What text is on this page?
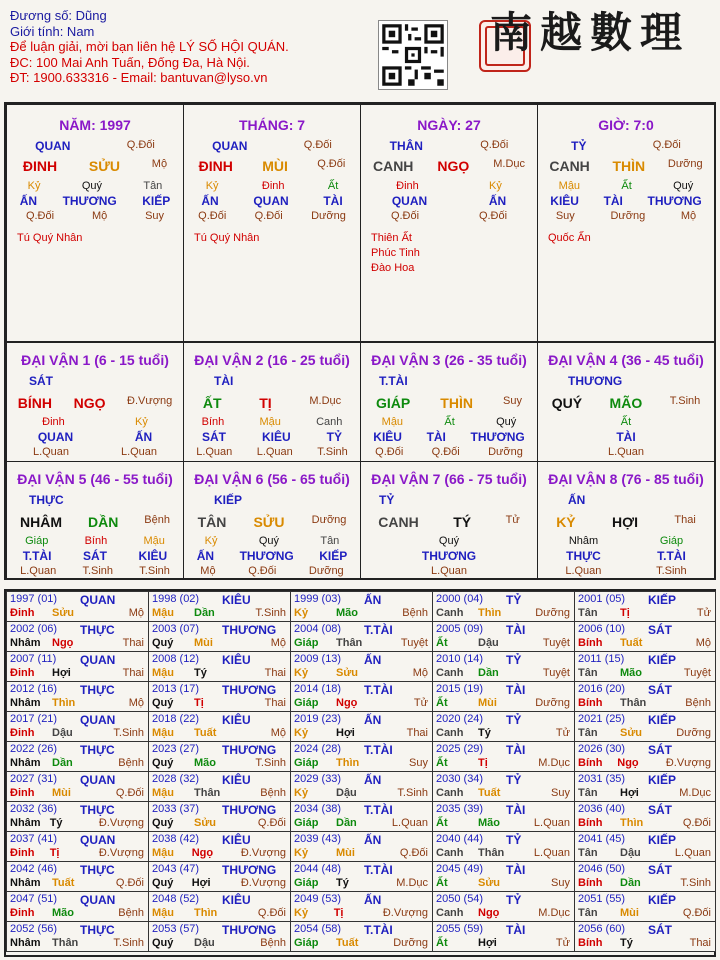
Đương số: Dũng
Giới tính: Nam
Để luận giải, mời bạn liên hệ LÝ SỐ HỘI QUÁN.
ĐC: 100 Mai Anh Tuấn, Đống Đa, Hà Nội.
ĐT: 1900.633316 - Email: bantuvan@lyso.vn
南越數理
NĂM: 1997
QUAN	Q.Đối
ĐINH SỬU	Mộ
Kỷ	Quý	Tân
ẤN THƯƠNG KIẾP
Q.Đối	Mộ	Suy
Tú Quý Nhân
THÁNG: 7
QUAN	Q.Đối
ĐINH MÙI	Q.Đối
Kỷ	Đinh	Ất
ẤN	QUAN	TÀI
Q.Đối	Q.Đối	Dưỡng
Tú Quý Nhân
NGÀY: 27
THÂN	Q.Đối
CANH NGỌ M.Dục
Đinh	Kỷ
QUAN	ẤN
Q.Đối	Q.Đối
Thiên Ất
Phúc Tinh
Đào Hoa
GIỜ: 7:0
TỶ	Q.Đối
CANH THÌN Dưỡng
Mậu	Ất	Quý
KIÊU TÀI THƯƠNG
Suy	Dưỡng	Mộ
Quốc Ấn
ĐẠI VẬN 1 (6 - 15 tuổi)
SÁT
BÍNH NGỌ Đ.Vượng
Đinh	Kỷ
QUAN	ẤN
L.Quan	L.Quan
ĐẠI VẬN 2 (16 - 25 tuổi)
TÀI
ẤT	TỊ	M.Dục
Bính	Mậu	Canh
SÁT	KIÊU	TỶ
L.Quan L.Quan T.Sinh
ĐẠI VẬN 3 (26 - 35 tuổi)
T.TÀI
GIÁP THÌN	Suy
Mậu	Ất	Quý
KIÊU TÀI THƯƠNG
Q.Đối	Q.Đối	Dưỡng
ĐẠI VẬN 4 (36 - 45 tuổi)
THƯƠNG
QUÝ MÃO T.Sinh
Ất
TÀI
L.Quan
ĐẠI VẬN 5 (46 - 55 tuổi)
THỰC
NHÂM DẦN Bệnh
Giáp	Bính	Mậu
T.TÀI	SÁT	KIÊU
L.Quan T.Sinh T.Sinh
ĐẠI VẬN 6 (56 - 65 tuổi)
KIẾP
TÂN SỬU Dưỡng
Kỷ	Quý	Tân
ẤN THƯƠNG KIẾP
Mộ	Q.Đối	Dưỡng
ĐẠI VẬN 7 (66 - 75 tuổi)
TỶ
CANH TÝ	Tử
Quý
THƯƠNG
L.Quan
ĐẠI VẬN 8 (76 - 85 tuổi)
ẤN
KỶ	HỢI	Thai
Nhâm	Giáp
THỰC	T.TÀI
L.Quan	T.Sinh
1997 (01) QUAN
Đinh	Sửu	Mộ
1998 (02) KIÊU
Mậu	Dần	T.Sinh
1999 (03) ẤN
Kỷ	Mão	Bệnh
2000 (04) TỶ
Canh	Thìn	Dưỡng
2001 (05) KIẾP
Tân	Tị	Tử
2002 (06) THỰC
Nhâm	Ngọ	Thai
2003 (07) THƯƠNG
Quý	Mùi	Mộ
2004 (08) T.TÀI
Giáp	Thân	Tuyệt
2005 (09) TÀI
Ất	Dậu	Tuyệt
2006 (10) SÁT
Bính	Tuất	Mộ
2007 (11) QUAN
Đinh	Hợi	Thai
2008 (12) KIÊU
Mậu	Tý	Thai
2009 (13) ẤN
Kỷ	Sửu	Mộ
2010 (14) TỶ
Canh	Dần	Tuyệt
2011 (15) KIẾP
Tân	Mão	Tuyệt
2012 (16) THỰC
Nhâm	Thìn	Mộ
2013 (17) THƯƠNG
Quý	Tị	Thai
2014 (18) T.TÀI
Giáp	Ngọ	Tử
2015 (19) TÀI
Ất	Mùi	Dưỡng
2016 (20) SÁT
Bính	Thân	Bệnh
2017 (21) QUAN
Đinh	Dậu	T.Sinh
2018 (22) KIÊU
Mậu	Tuất	Mộ
2019 (23) ẤN
Kỷ	Hợi	Thai
2020 (24) TỶ
Canh	Tý	Tử
2021 (25) KIẾP
Tân	Sửu	Dưỡng
2022 (26) THỰC
Nhâm	Dần	Bệnh
2023 (27) THƯƠNG
Quý	Mão	T.Sinh
2024 (28) T.TÀI
Giáp	Thìn	Suy
2025 (29) TÀI
Ất	Tị	M.Dục
2026 (30) SÁT
Bính	Ngọ	Đ.Vượng
2027 (31) QUAN
Đinh	Mùi	Q.Đối
2028 (32) KIÊU
Mậu	Thân	Bệnh
2029 (33) ẤN
Kỷ	Dậu	T.Sinh
2030 (34) TỶ
Canh	Tuất	Suy
2031 (35) KIẾP
Tân	Hợi	M.Dục
2032 (36) THỰC
Nhâm Tý	Đ.Vượng
2033 (37) THƯƠNG
Quý	Sửu	Q.Đối
2034 (38) T.TÀI
Giáp	Dần	L.Quan
2035 (39) TÀI
Ất	Mão	L.Quan
2036 (40) SÁT
Bính	Thìn	Q.Đối
2037 (41) QUAN
Đinh	Tị	Đ.Vượng
2038 (42) KIÊU
Mậu	Ngọ	Đ.Vượng
2039 (43) ẤN
Kỷ	Mùi	Q.Đối
2040 (44) TỶ
Canh	Thân	L.Quan
2041 (45) KIẾP
Tân	Dậu	L.Quan
2042 (46) THỰC
Nhâm	Tuất	Q.Đối
2043 (47) THƯƠNG
Quý	Hợi	Đ.Vượng
2044 (48) T.TÀI
Giáp	Tý	M.Dục
2045 (49) TÀI
Ất	Sửu	Suy
2046 (50) SÁT
Bính	Dần	T.Sinh
2047 (51) QUAN
Đinh	Mão	Bệnh
2048 (52) KIÊU
Mậu	Thìn	Q.Đối
2049 (53) ẤN
Kỷ	Tị	Đ.Vượng
2050 (54) TỶ
Canh	Ngọ	M.Dục
2051 (55) KIẾP
Tân	Mùi	Q.Đối
2052 (56) THỰC
Nhâm	Thân	T.Sinh
2053 (57) THƯƠNG
Quý	Dậu	Bệnh
2054 (58) T.TÀI
Giáp	Tuất	Dưỡng
2055 (59) TÀI
Ất	Hợi	Tử
2056 (60) SÁT
Bính	Tý	Thai
